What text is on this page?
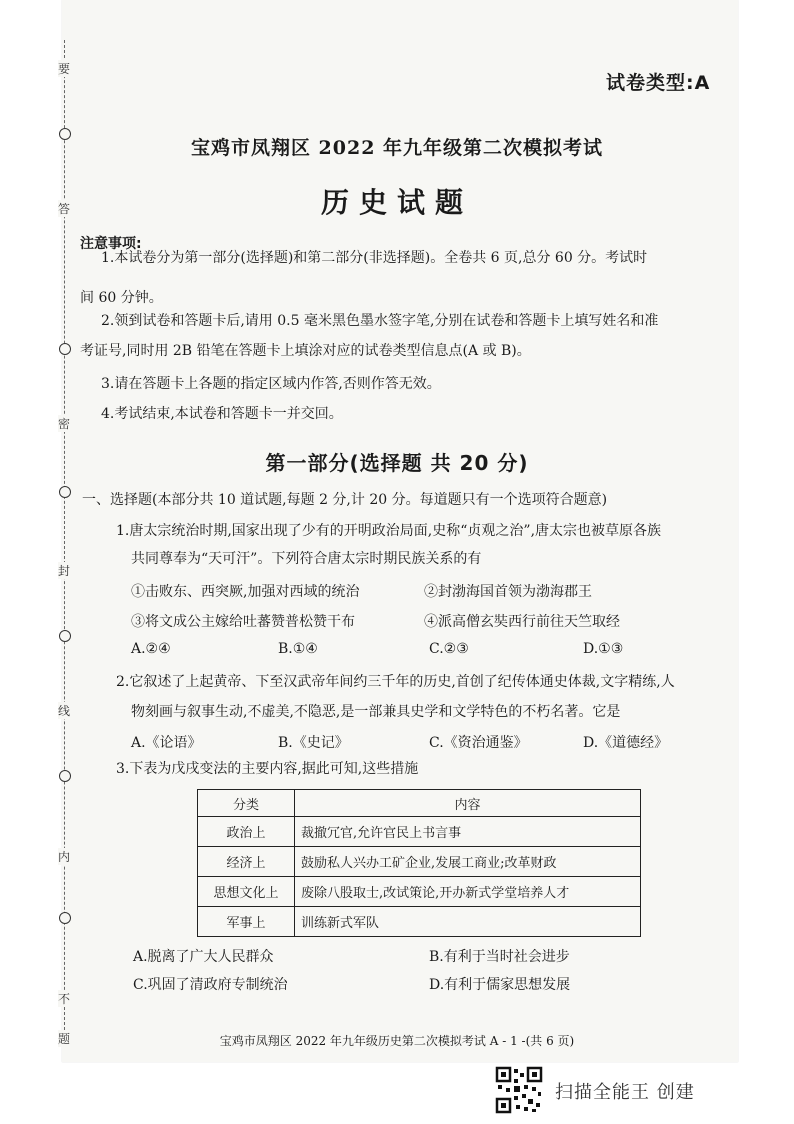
密
封
线
内
不
要
答
题
试卷类型:A
宝鸡市凤翔区 2022 年九年级第二次模拟考试
历史试题
注意事项:
1.本试卷分为第一部分(选择题)和第二部分(非选择题)。全卷共 6 页,总分 60 分。考试时
间 60 分钟。
2.领到试卷和答题卡后,请用 0.5 毫米黑色墨水签字笔,分别在试卷和答题卡上填写姓名和准
考证号,同时用 2B 铅笔在答题卡上填涂对应的试卷类型信息点(A 或 B)。
3.请在答题卡上各题的指定区域内作答,否则作答无效。
4.考试结束,本试卷和答题卡一并交回。
第一部分(选择题 共 20 分)
一、选择题(本部分共 10 道试题,每题 2 分,计 20 分。每道题只有一个选项符合题意)
1.唐太宗统治时期,国家出现了少有的开明政治局面,史称“贞观之治”,唐太宗也被草原各族
共同尊奉为“天可汗”。下列符合唐太宗时期民族关系的有
①击败东、西突厥,加强对西域的统治	②封渤海国首领为渤海郡王
③将文成公主嫁给吐蕃赞普松赞干布	④派高僧玄奘西行前往天竺取经
A.②④	B.①④	C.②③	D.①③
2.它叙述了上起黄帝、下至汉武帝年间约三千年的历史,首创了纪传体通史体裁,文字精练,人
物刻画与叙事生动,不虚美,不隐恶,是一部兼具史学和文学特色的不朽名著。它是
A.《论语》	B.《史记》	C.《资治通鉴》	D.《道德经》
3.下表为戊戌变法的主要内容,据此可知,这些措施
分类	内容
政治上	裁撤冗官,允许官民上书言事
经济上	鼓励私人兴办工矿企业,发展工商业;改革财政
思想文化上	废除八股取士,改试策论,开办新式学堂培养人才
军事上	训练新式军队
A.脱离了广大人民群众	B.有利于当时社会进步
C.巩固了清政府专制统治	D.有利于儒家思想发展
宝鸡市凤翔区 2022 年九年级历史第二次模拟考试 A - 1 -(共 6 页)
扫描全能王 创建
